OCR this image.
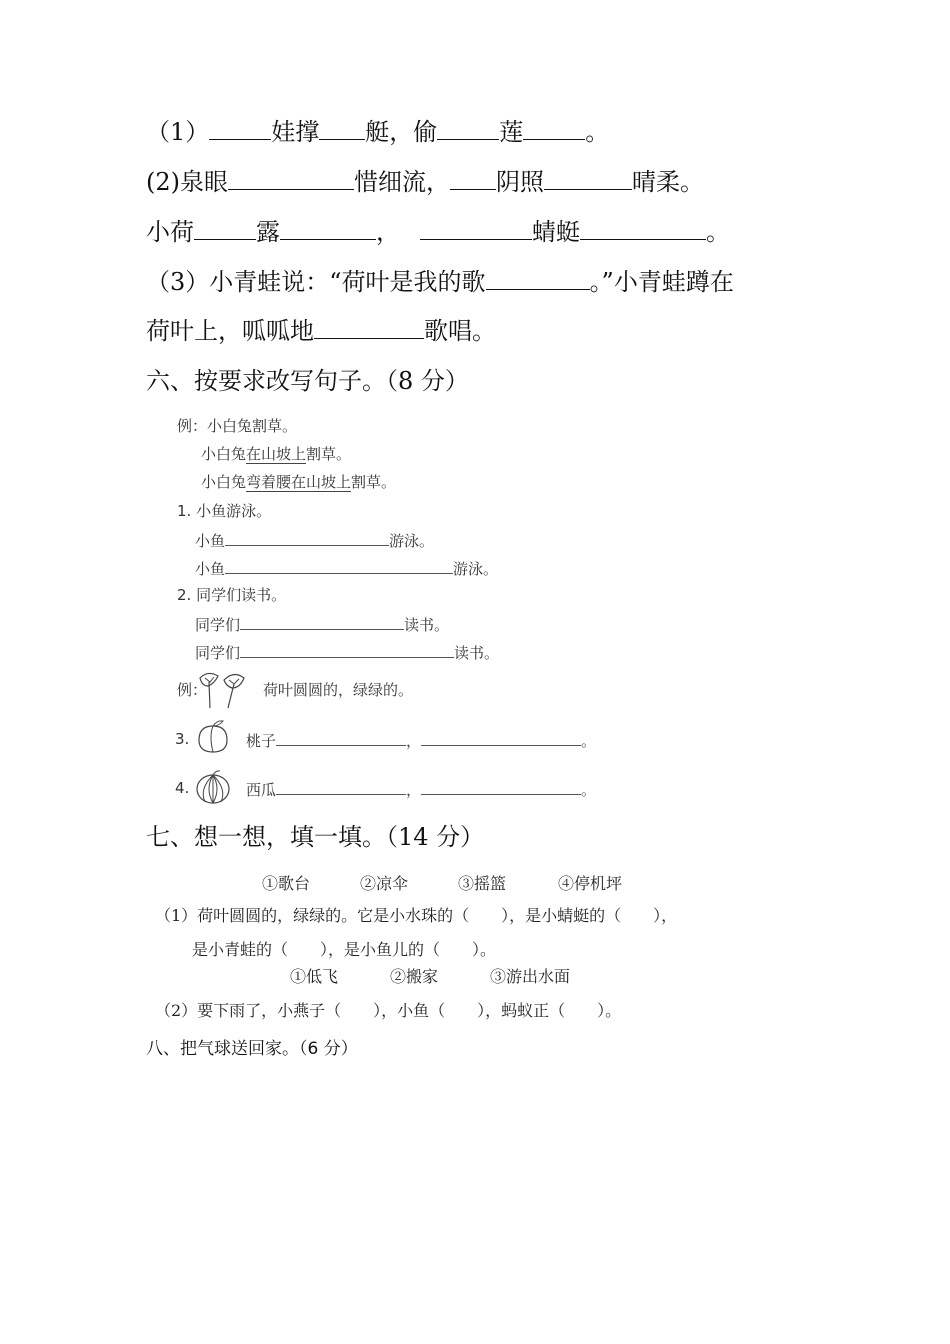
（1）	娃撑 艇，偷	莲	。
(2)泉眼	惜细流， 阴照	晴柔。
小荷	露	，	蜻蜓	。
（3）小青蛙说：“荷叶是我的歌	。”小青蛙蹲在
荷叶上，呱呱地	歌唱。
六、按要求改写句子。（8 分）
例：小白兔割草。
小白兔在山坡上割草。
小白兔弯着腰在山坡上割草。
1. 小鱼游泳。
小鱼	游泳。
小鱼	游泳。
2. 同学们读书。
同学们	读书。
同学们	读书。
例：	荷叶圆圆的，绿绿的。
3.	桃子	，	。
4.	西瓜	，	。
七、想一想，填一填。（14 分）
①歌台	②凉伞	③摇篮	④停机坪
（1）荷叶圆圆的，绿绿的。它是小水珠的（　　），是小蜻蜓的（　　），
是小青蛙的（　　），是小鱼儿的（　　）。
①低飞	②搬家	③游出水面
（2）要下雨了，小燕子（　　），小鱼（　　），蚂蚁正（　　）。
八、把气球送回家。（6 分）
